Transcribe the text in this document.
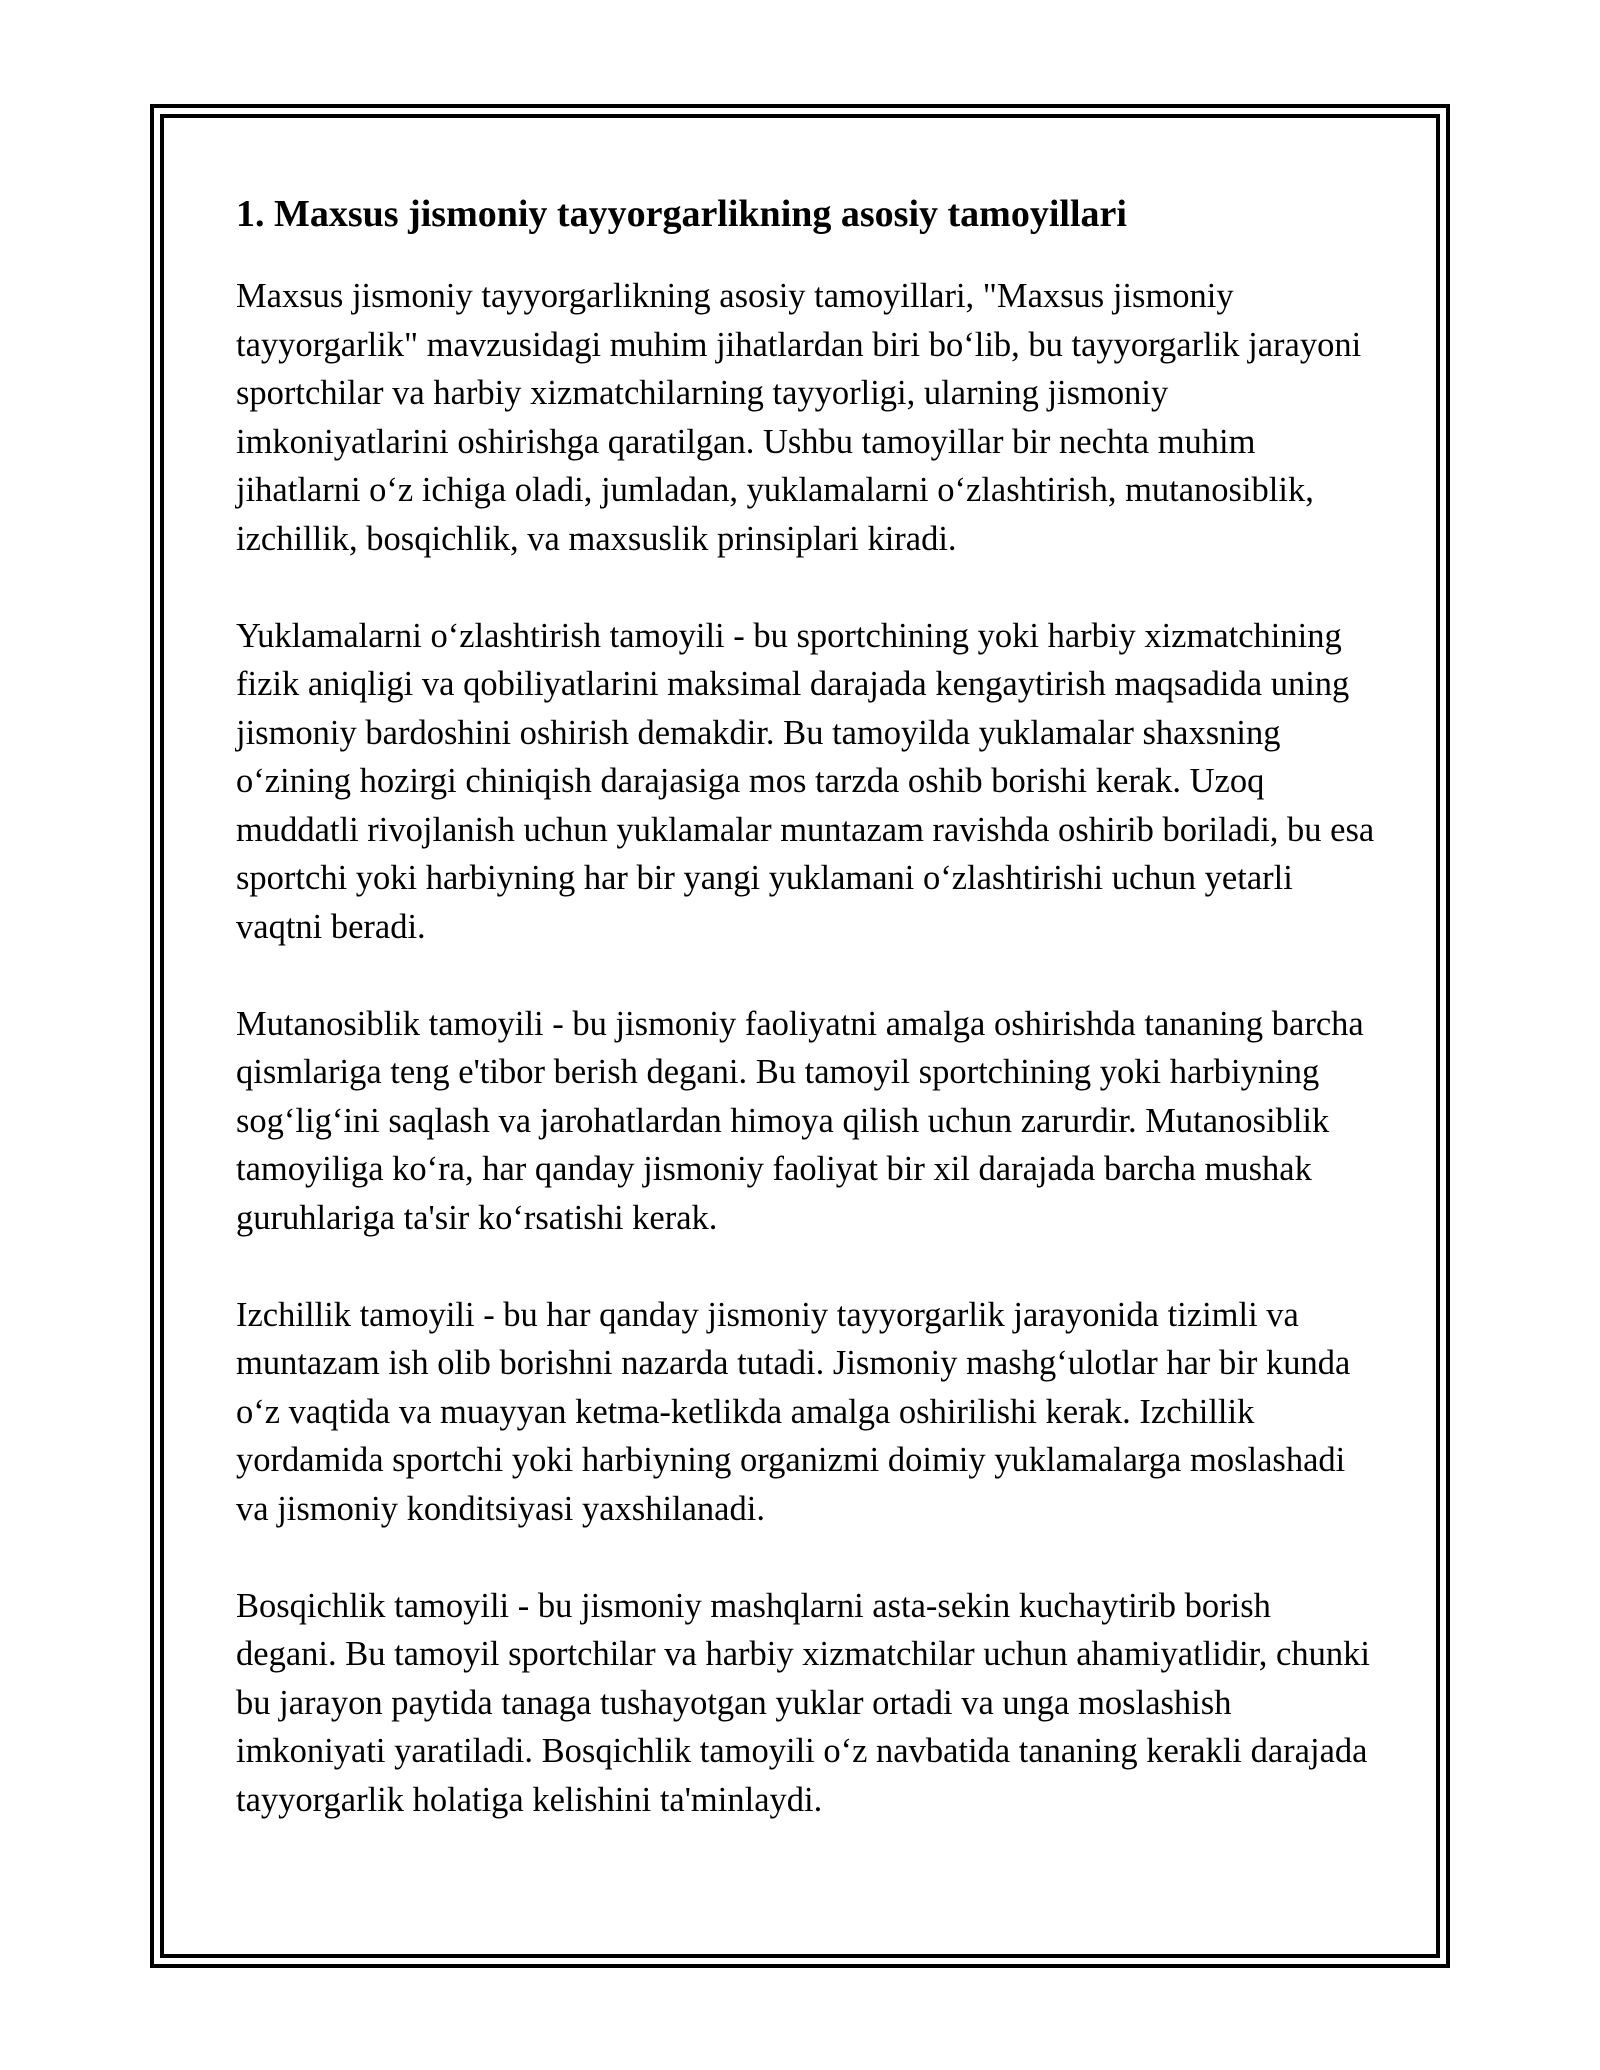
1. Maxsus jismoniy tayyorgarlikning asosiy tamoyillari

Maxsus jismoniy tayyorgarlikning asosiy tamoyillari, "Maxsus jismoniy tayyorgarlik" mavzusidagi muhim jihatlardan biri bo‘lib, bu tayyorgarlik jarayoni sportchilar va harbiy xizmatchilarning tayyorligi, ularning jismoniy imkoniyatlarini oshirishga qaratilgan. Ushbu tamoyillar bir nechta muhim jihatlarni o‘z ichiga oladi, jumladan, yuklamalarni o‘zlashtirish, mutanosiblik, izchillik, bosqichlik, va maxsuslik prinsiplari kiradi.

Yuklamalarni o‘zlashtirish tamoyili - bu sportchining yoki harbiy xizmatchining fizik aniqligi va qobiliyatlarini maksimal darajada kengaytirish maqsadida uning jismoniy bardoshini oshirish demakdir. Bu tamoyilda yuklamalar shaxsning o‘zining hozirgi chiniqish darajasiga mos tarzda oshib borishi kerak. Uzoq muddatli rivojlanish uchun yuklamalar muntazam ravishda oshirib boriladi, bu esa sportchi yoki harbiyning har bir yangi yuklamani o‘zlashtirishi uchun yetarli vaqtni beradi.

Mutanosiblik tamoyili - bu jismoniy faoliyatni amalga oshirishda tananing barcha qismlariga teng e'tibor berish degani. Bu tamoyil sportchining yoki harbiyning sog‘lig‘ini saqlash va jarohatlardan himoya qilish uchun zarurdir. Mutanosiblik tamoyiliga ko‘ra, har qanday jismoniy faoliyat bir xil darajada barcha mushak guruhlariga ta'sir ko‘rsatishi kerak.

Izchillik tamoyili - bu har qanday jismoniy tayyorgarlik jarayonida tizimli va muntazam ish olib borishni nazarda tutadi. Jismoniy mashg‘ulotlar har bir kunda o‘z vaqtida va muayyan ketma-ketlikda amalga oshirilishi kerak. Izchillik yordamida sportchi yoki harbiyning organizmi doimiy yuklamalarga moslashadi va jismoniy konditsiyasi yaxshilanadi.

Bosqichlik tamoyili - bu jismoniy mashqlarni asta-sekin kuchaytirib borish degani. Bu tamoyil sportchilar va harbiy xizmatchilar uchun ahamiyatlidir, chunki bu jarayon paytida tanaga tushayotgan yuklar ortadi va unga moslashish imkoniyati yaratiladi. Bosqichlik tamoyili o‘z navbatida tananing kerakli darajada tayyorgarlik holatiga kelishini ta'minlaydi.
